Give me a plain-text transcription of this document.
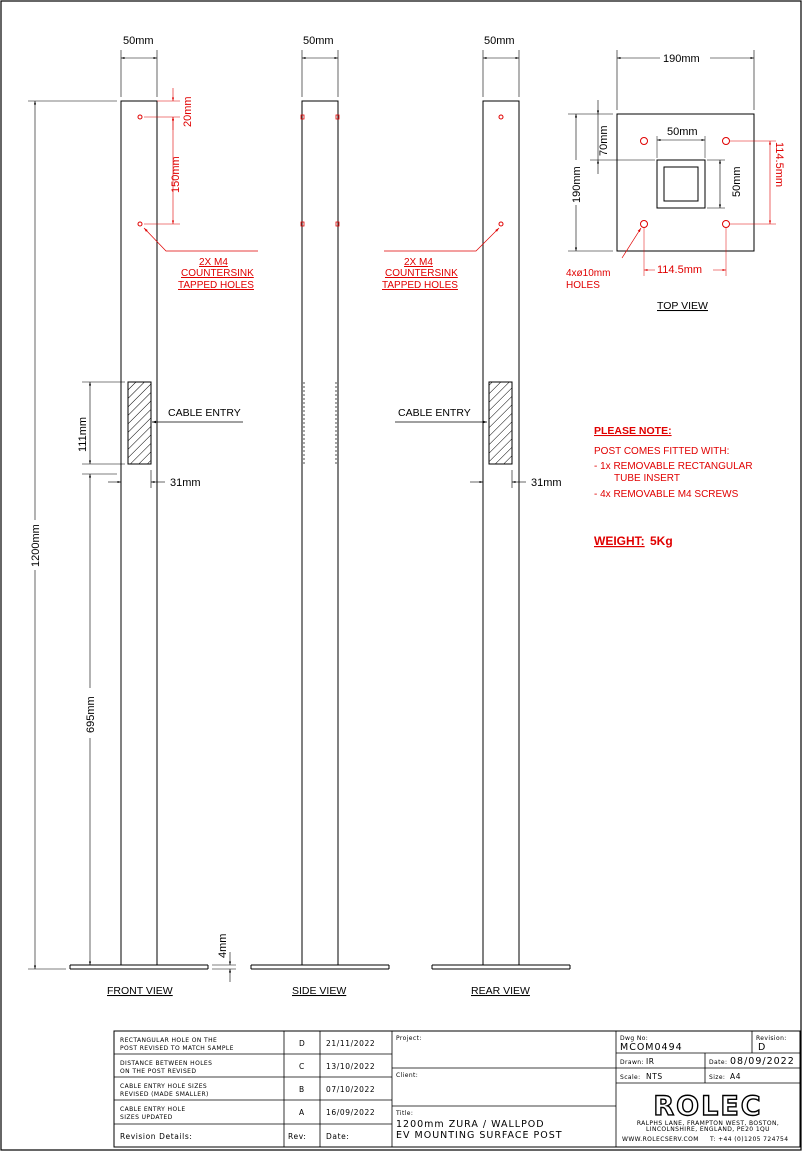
50mm
20mm
150mm
2X M4
COUNTERSINK
TAPPED HOLES
CABLE ENTRY
111mm
31mm
1200mm
695mm
4mm
FRONT VIEW
50mm
SIDE VIEW
50mm
2X M4
COUNTERSINK
TAPPED HOLES
CABLE ENTRY
31mm
REAR VIEW
190mm
50mm
50mm
190mm
70mm
114.5mm
114.5mm
4xø10mm
HOLES
TOP VIEW
PLEASE NOTE:
POST COMES FITTED WITH:
- 1x REMOVABLE RECTANGULAR
TUBE INSERT
- 4x REMOVABLE M4 SCREWS
WEIGHT: 5Kg
RECTANGULAR HOLE ON THE
POST REVISED TO MATCH SAMPLE
D	21/11/2022
DISTANCE BETWEEN HOLES
ON THE POST REVISED
C	13/10/2022
CABLE ENTRY HOLE SIZES
REVISED (MADE SMALLER)
B	07/10/2022
CABLE ENTRY HOLE
SIZES UPDATED
A	16/09/2022
Revision Details:	Rev:	Date:
Project:
Client:
Title:
1200mm ZURA / WALLPOD
EV MOUNTING SURFACE POST
Dwg No:
MCOM0494
Revision:
D
Drawn: IR	Date: 08/09/2022
Scale: NTS	Size: A4
ROLEC
RALPHS LANE, FRAMPTON WEST, BOSTON,
LINCOLNSHIRE, ENGLAND, PE20 1QU
WWW.ROLECSERV.COM T: +44 (0)1205 724754
